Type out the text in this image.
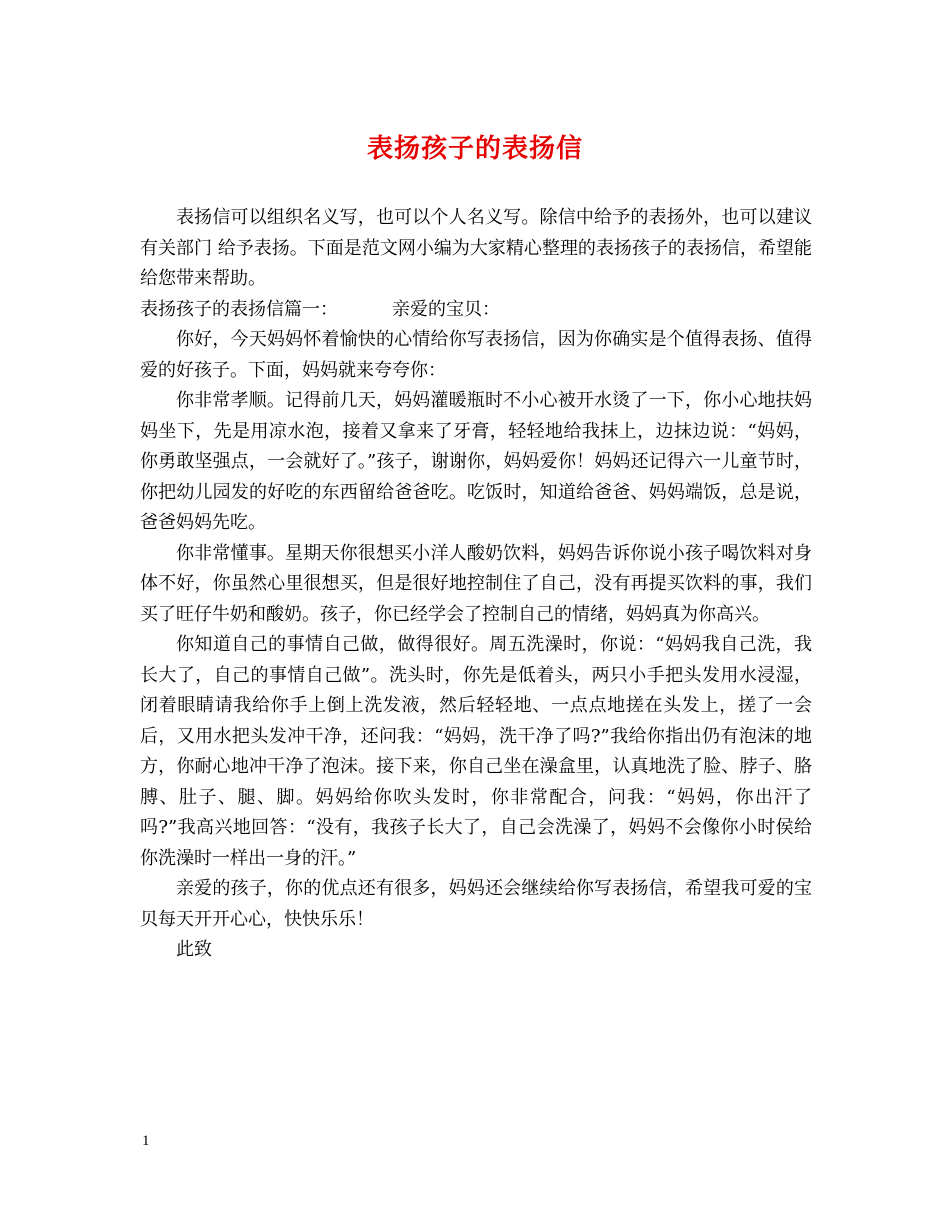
表扬孩子的表扬信

表扬信可以组织名义写，也可以个人名义写。除信中给予的表扬外，也可以建议有关部门 给予表扬。下面是范文网小编为大家精心整理的表扬孩子的表扬信，希望能给您带来帮助。

表扬孩子的表扬信篇一：	亲爱的宝贝：

你好，今天妈妈怀着愉快的心情给你写表扬信，因为你确实是个值得表扬、值得爱的好孩子。下面，妈妈就来夸夸你：

你非常孝顺。记得前几天，妈妈灌暖瓶时不小心被开水烫了一下，你小心地扶妈妈坐下，先是用凉水泡，接着又拿来了牙膏，轻轻地给我抹上，边抹边说：“妈妈，你勇敢坚强点，一会就好了。”孩子，谢谢你，妈妈爱你！妈妈还记得六一儿童节时，你把幼儿园发的好吃的东西留给爸爸吃。吃饭时，知道给爸爸、妈妈端饭，总是说，爸爸妈妈先吃。

你非常懂事。星期天你很想买小洋人酸奶饮料，妈妈告诉你说小孩子喝饮料对身体不好，你虽然心里很想买，但是很好地控制住了自己，没有再提买饮料的事，我们买了旺仔牛奶和酸奶。孩子，你已经学会了控制自己的情绪，妈妈真为你高兴。

你知道自己的事情自己做，做得很好。周五洗澡时，你说：“妈妈我自己洗，我长大了，自己的事情自己做”。洗头时，你先是低着头，两只小手把头发用水浸湿，闭着眼睛请我给你手上倒上洗发液，然后轻轻地、一点点地搓在头发上，搓了一会后，又用水把头发冲干净，还问我：“妈妈，洗干净了吗?”我给你指出仍有泡沫的地方，你耐心地冲干净了泡沫。接下来，你自己坐在澡盒里，认真地洗了脸、脖子、胳膊、肚子、腿、脚。妈妈给你吹头发时，你非常配合，问我：“妈妈，你出汗了吗?”我高兴地回答：“没有，我孩子长大了，自己会洗澡了，妈妈不会像你小时侯给你洗澡时一样出一身的汗。”

亲爱的孩子，你的优点还有很多，妈妈还会继续给你写表扬信，希望我可爱的宝贝每天开开心心，快快乐乐！

此致

1
